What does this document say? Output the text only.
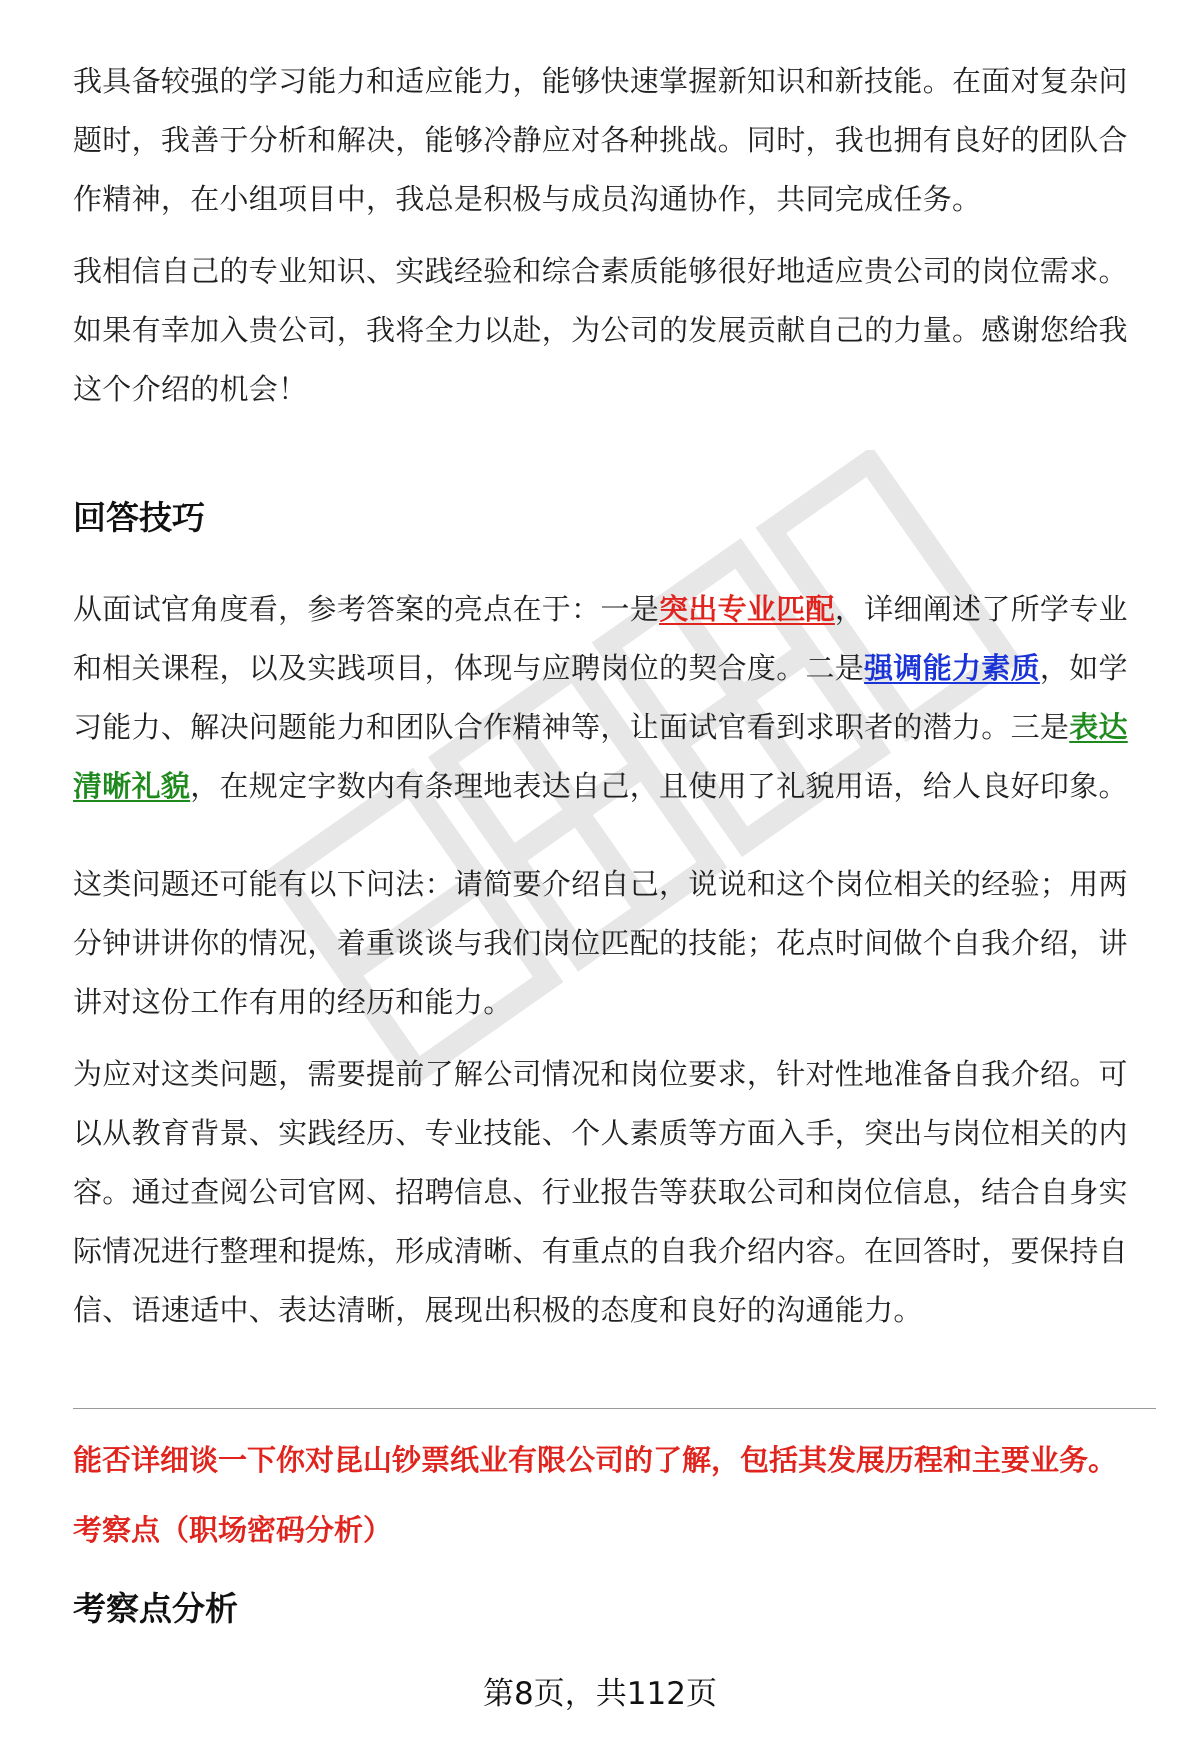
我具备较强的学习能力和适应能力，能够快速掌握新知识和新技能。在面对复杂问题时，我善于分析和解决，能够冷静应对各种挑战。同时，我也拥有良好的团队合作精神，在小组项目中，我总是积极与成员沟通协作，共同完成任务。

我相信自己的专业知识、实践经验和综合素质能够很好地适应贵公司的岗位需求。如果有幸加入贵公司，我将全力以赴，为公司的发展贡献自己的力量。感谢您给我这个介绍的机会！

回答技巧

从面试官角度看，参考答案的亮点在于：一是突出专业匹配，详细阐述了所学专业和相关课程，以及实践项目，体现与应聘岗位的契合度。二是强调能力素质，如学习能力、解决问题能力和团队合作精神等，让面试官看到求职者的潜力。三是表达清晰礼貌，在规定字数内有条理地表达自己，且使用了礼貌用语，给人良好印象。

这类问题还可能有以下问法：请简要介绍自己，说说和这个岗位相关的经验；用两分钟讲讲你的情况，着重谈谈与我们岗位匹配的技能；花点时间做个自我介绍，讲讲对这份工作有用的经历和能力。

为应对这类问题，需要提前了解公司情况和岗位要求，针对性地准备自我介绍。可以从教育背景、实践经历、专业技能、个人素质等方面入手，突出与岗位相关的内容。通过查阅公司官网、招聘信息、行业报告等获取公司和岗位信息，结合自身实际情况进行整理和提炼，形成清晰、有重点的自我介绍内容。在回答时，要保持自信、语速适中、表达清晰，展现出积极的态度和良好的沟通能力。

能否详细谈一下你对昆山钞票纸业有限公司的了解，包括其发展历程和主要业务。

考察点（职场密码分析）

考察点分析
第8页，共112页
